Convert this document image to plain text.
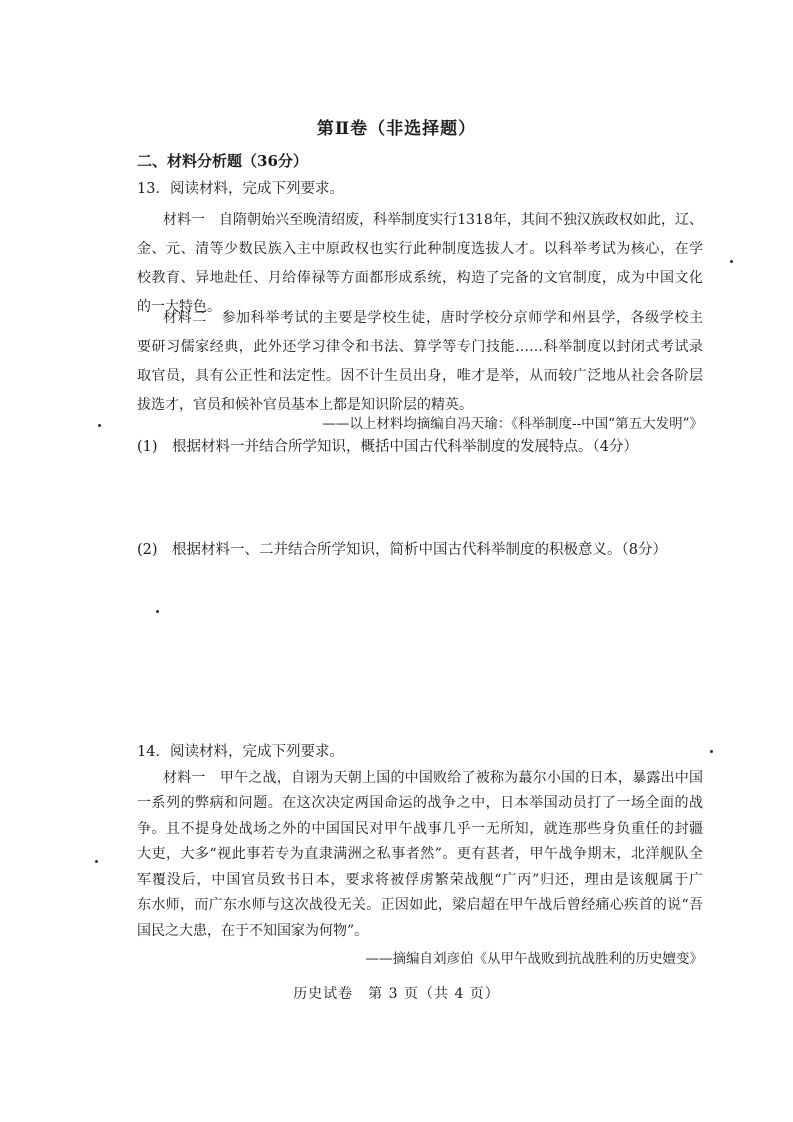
第Ⅱ卷（非选择题）
二、材料分析题（36分）
13．阅读材料，完成下列要求。
材料一　自隋朝始兴至晚清绍废，科举制度实行1318年，其间不独汉族政权如此，辽、
金、元、清等少数民族入主中原政权也实行此种制度选拔人才。以科举考试为核心，在学
校教育、异地赴任、月给俸禄等方面都形成系统，构造了完备的文官制度，成为中国文化
的一大特色。
材料二　参加科举考试的主要是学校生徒，唐时学校分京师学和州县学，各级学校主
要研习儒家经典，此外还学习律令和书法、算学等专门技能……科举制度以封闭式考试录
取官员，具有公正性和法定性。因不计生员出身，唯才是举，从而较广泛地从社会各阶层
拔选才，官员和候补官员基本上都是知识阶层的精英。
——以上材料均摘编自冯天瑜：《科举制度--中国“第五大发明”》
(1)　根据材料一并结合所学知识，概括中国古代科举制度的发展特点。（4分）
(2)　根据材料一、二并结合所学知识，简析中国古代科举制度的积极意义。（8分）
14．阅读材料，完成下列要求。
材料一　甲午之战，自诩为天朝上国的中国败给了被称为蕞尔小国的日本，暴露出中国
一系列的弊病和问题。在这次决定两国命运的战争之中，日本举国动员打了一场全面的战
争。且不提身处战场之外的中国国民对甲午战事几乎一无所知，就连那些身负重任的封疆
大吏，大多“视此事若专为直隶满洲之私事者然”。更有甚者，甲午战争期末，北洋舰队全
军覆没后，中国官员致书日本，要求将被俘虏繁荣战舰“广丙”归还，理由是该舰属于广
东水师，而广东水师与这次战役无关。正因如此，梁启超在甲午战后曾经痛心疾首的说“吾
国民之大患，在于不知国家为何物”。
——摘编自刘彦伯《从甲午战败到抗战胜利的历史嬗变》
历史试卷　第 3 页（共 4 页）
